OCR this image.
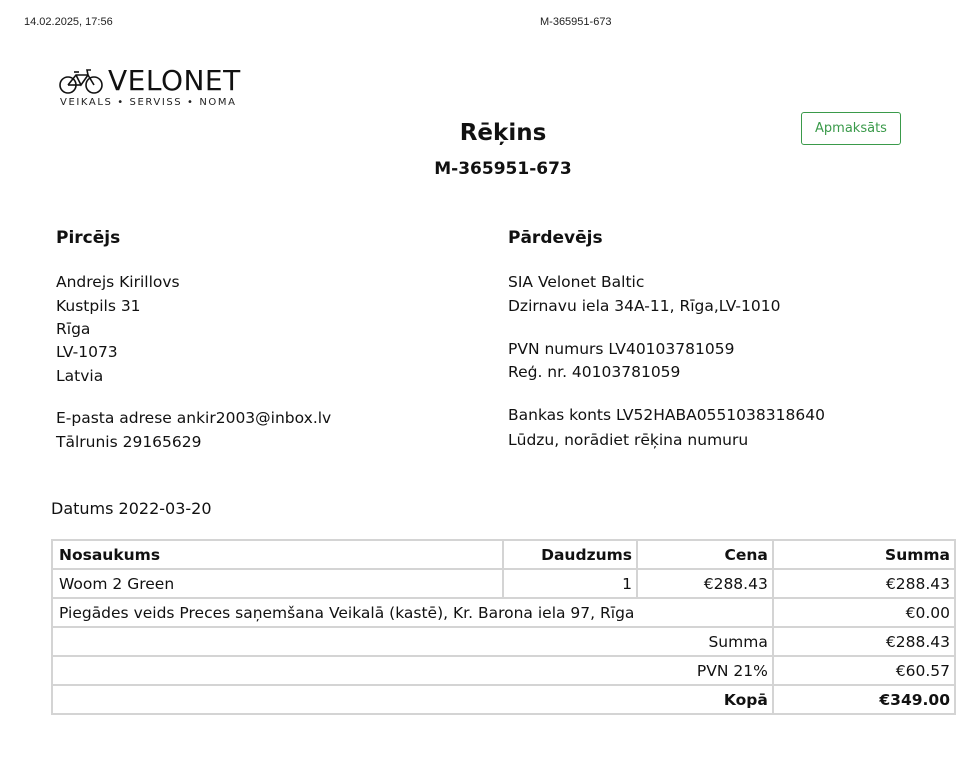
14.02.2025, 17:56	M-365951-673
VELONET
VEIKALS • SERVISS • NOMA
Rēķins
M-365951-673
Apmaksāts
Pircējs
Andrejs Kirillovs
Kustpils 31
Rīga
LV-1073
Latvia
E-pasta adrese ankir2003@inbox.lv
Tālrunis 29165629
Pārdevējs
SIA Velonet Baltic
Dzirnavu iela 34A-11, Rīga,LV-1010
PVN numurs LV40103781059
Reģ. nr. 40103781059
Bankas konts LV52HABA0551038318640
Lūdzu, norādiet rēķina numuru
Datums 2022-03-20
Nosaukums	Daudzums	Cena	Summa
Woom 2 Green	1	€288.43	€288.43
Piegādes veids Preces saņemšana Veikalā (kastē), Kr. Barona iela 97, Rīga			€0.00
Summa			€288.43
PVN 21%			€60.57
Kopā			€349.00
